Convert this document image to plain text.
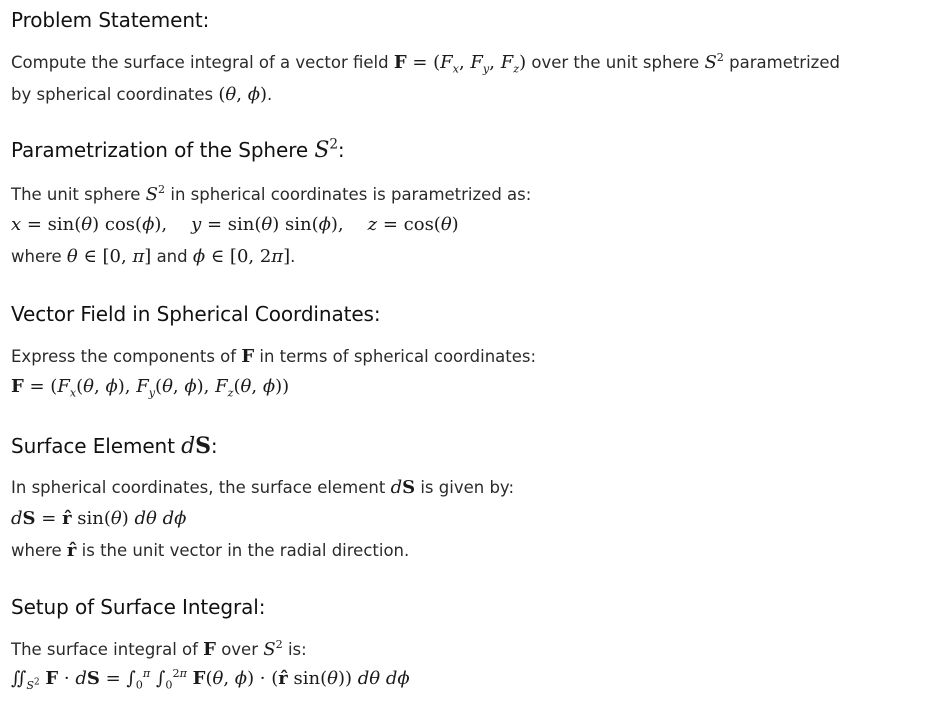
Problem Statement:
Compute the surface integral of a vector field $F = (F_x$, $F_y$, $F_z$) over the unit sphere $S^2$ parametrized
by spherical coordinates (θ, ϕ).
Parametrization of the Sphere $S^2$:
The unit sphere $S^2$ in spherical coordinates is parametrized as:
x = sin(θ) cos(ϕ), y = sin(θ) sin(ϕ), z = cos(θ)
where θ ∈ [0, π] and ϕ ∈ [0, 2π].
Vector Field in Spherical Coordinates:
Express the components of F in terms of spherical coordinates:
$F = (F_x(\theta$, ϕ), $F_y(\theta$, ϕ), $F_z(\theta$, ϕ))
Surface Element dS:
In spherical coordinates, the surface element dS is given by:
dS = r̂ sin(θ) dθ dϕ
where r̂ is the unit vector in the radial direction.
Setup of Surface Integral:
The surface integral of F over $S^2$ is:
$∬_{S^2}$ F · dS = $\int_0^\pi$ $\int_0^{2\pi}$ F(θ, ϕ) · (r̂ sin(θ)) dθ dϕ
